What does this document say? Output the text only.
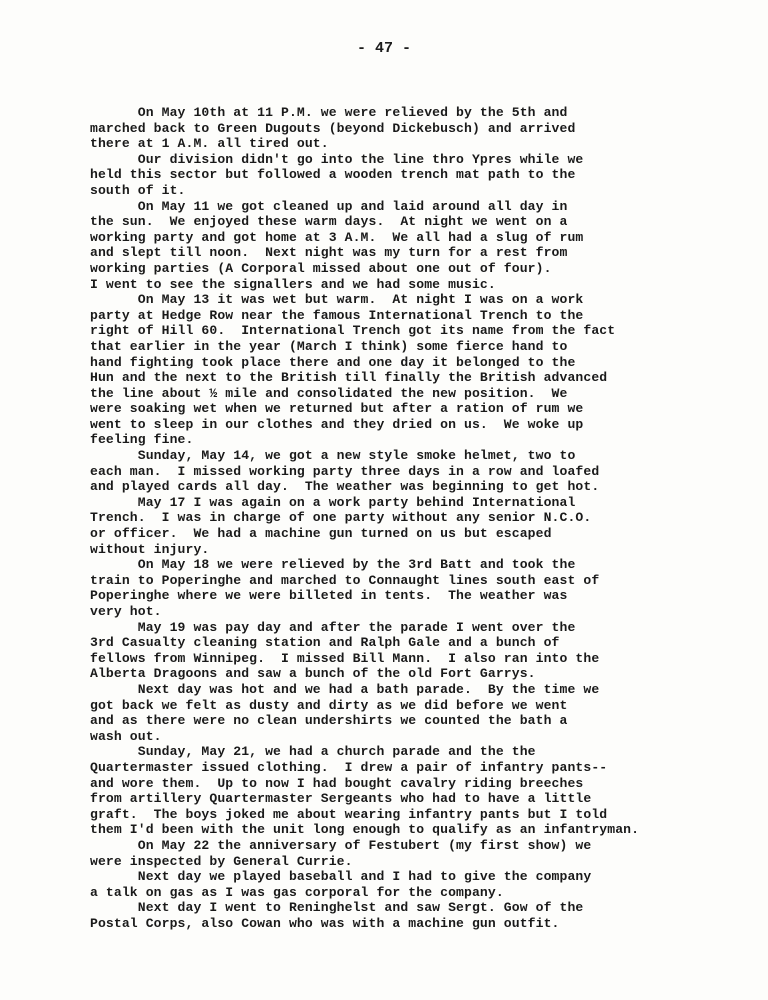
- 47 -
On May 10th at 11 P.M. we were relieved by the 5th and
marched back to Green Dugouts (beyond Dickebusch) and arrived
there at 1 A.M. all tired out.
Our division didn't go into the line thro Ypres while we
held this sector but followed a wooden trench mat path to the
south of it.
On May 11 we got cleaned up and laid around all day in
the sun.  We enjoyed these warm days.  At night we went on a
working party and got home at 3 A.M.  We all had a slug of rum
and slept till noon.  Next night was my turn for a rest from
working parties (A Corporal missed about one out of four).
I went to see the signallers and we had some music.
On May 13 it was wet but warm.  At night I was on a work
party at Hedge Row near the famous International Trench to the
right of Hill 60.  International Trench got its name from the fact
that earlier in the year (March I think) some fierce hand to
hand fighting took place there and one day it belonged to the
Hun and the next to the British till finally the British advanced
the line about ½ mile and consolidated the new position.  We
were soaking wet when we returned but after a ration of rum we
went to sleep in our clothes and they dried on us.  We woke up
feeling fine.
Sunday, May 14, we got a new style smoke helmet, two to
each man.  I missed working party three days in a row and loafed
and played cards all day.  The weather was beginning to get hot.
May 17 I was again on a work party behind International
Trench.  I was in charge of one party without any senior N.C.O.
or officer.  We had a machine gun turned on us but escaped
without injury.
On May 18 we were relieved by the 3rd Batt and took the
train to Poperinghe and marched to Connaught lines south east of
Poperinghe where we were billeted in tents.  The weather was
very hot.
May 19 was pay day and after the parade I went over the
3rd Casualty cleaning station and Ralph Gale and a bunch of
fellows from Winnipeg.  I missed Bill Mann.  I also ran into the
Alberta Dragoons and saw a bunch of the old Fort Garrys.
Next day was hot and we had a bath parade.  By the time we
got back we felt as dusty and dirty as we did before we went
and as there were no clean undershirts we counted the bath a
wash out.
Sunday, May 21, we had a church parade and the the
Quartermaster issued clothing.  I drew a pair of infantry pants--
and wore them.  Up to now I had bought cavalry riding breeches
from artillery Quartermaster Sergeants who had to have a little
graft.  The boys joked me about wearing infantry pants but I told
them I'd been with the unit long enough to qualify as an infantryman.
On May 22 the anniversary of Festubert (my first show) we
were inspected by General Currie.
Next day we played baseball and I had to give the company
a talk on gas as I was gas corporal for the company.
Next day I went to Reninghelst and saw Sergt. Gow of the
Postal Corps, also Cowan who was with a machine gun outfit.
